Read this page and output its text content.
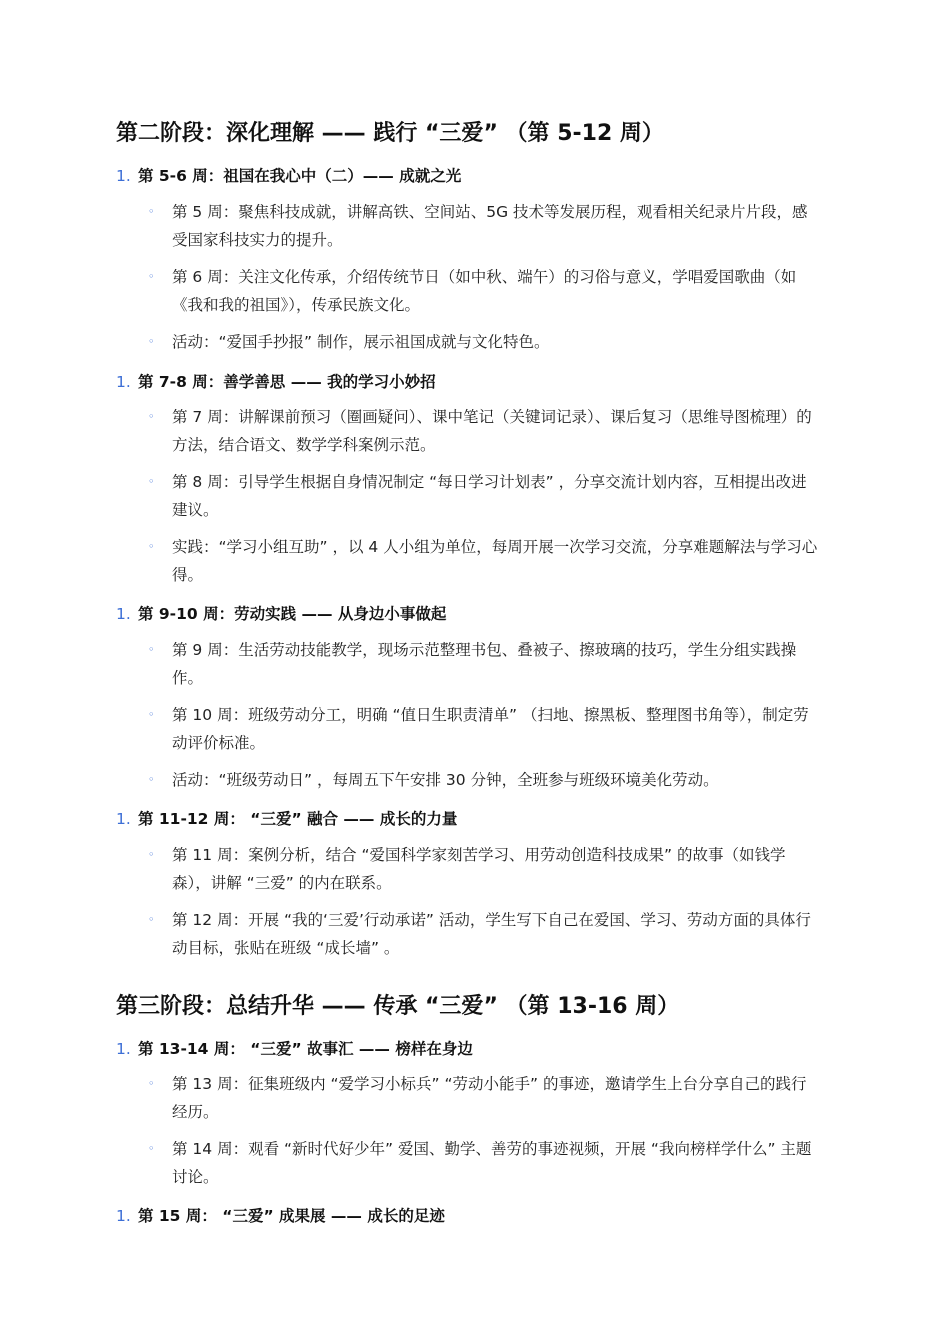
第二阶段：深化理解 —— 践行 “三爱” （第 5-12 周）
1. 第 5-6 周：祖国在我心中（二）—— 成就之光
◦ 第 5 周：聚焦科技成就，讲解高铁、空间站、5G 技术等发展历程，观看相关纪录片片段，感受国家科技实力的提升。
◦ 第 6 周：关注文化传承，介绍传统节日（如中秋、端午）的习俗与意义，学唱爱国歌曲（如《我和我的祖国》），传承民族文化。
◦ 活动：“爱国手抄报” 制作，展示祖国成就与文化特色。
1. 第 7-8 周：善学善思 —— 我的学习小妙招
◦ 第 7 周：讲解课前预习（圈画疑问）、课中笔记（关键词记录）、课后复习（思维导图梳理）的方法，结合语文、数学学科案例示范。
◦ 第 8 周：引导学生根据自身情况制定 “每日学习计划表” ，分享交流计划内容，互相提出改进建议。
◦ 实践：“学习小组互助” ，以 4 人小组为单位，每周开展一次学习交流，分享难题解法与学习心得。
1. 第 9-10 周：劳动实践 —— 从身边小事做起
◦ 第 9 周：生活劳动技能教学，现场示范整理书包、叠被子、擦玻璃的技巧，学生分组实践操作。
◦ 第 10 周：班级劳动分工，明确 “值日生职责清单” （扫地、擦黑板、整理图书角等），制定劳动评价标准。
◦ 活动：“班级劳动日” ，每周五下午安排 30 分钟，全班参与班级环境美化劳动。
1. 第 11-12 周： “三爱” 融合 —— 成长的力量
◦ 第 11 周：案例分析，结合 “爱国科学家刻苦学习、用劳动创造科技成果” 的故事（如钱学森），讲解 “三爱” 的内在联系。
◦ 第 12 周：开展 “我的‘三爱’行动承诺” 活动，学生写下自己在爱国、学习、劳动方面的具体行动目标，张贴在班级 “成长墙” 。
第三阶段：总结升华 —— 传承 “三爱” （第 13-16 周）
1. 第 13-14 周： “三爱” 故事汇 —— 榜样在身边
◦ 第 13 周：征集班级内 “爱学习小标兵” “劳动小能手” 的事迹，邀请学生上台分享自己的践行经历。
◦ 第 14 周：观看 “新时代好少年” 爱国、勤学、善劳的事迹视频，开展 “我向榜样学什么” 主题讨论。
1. 第 15 周： “三爱” 成果展 —— 成长的足迹
